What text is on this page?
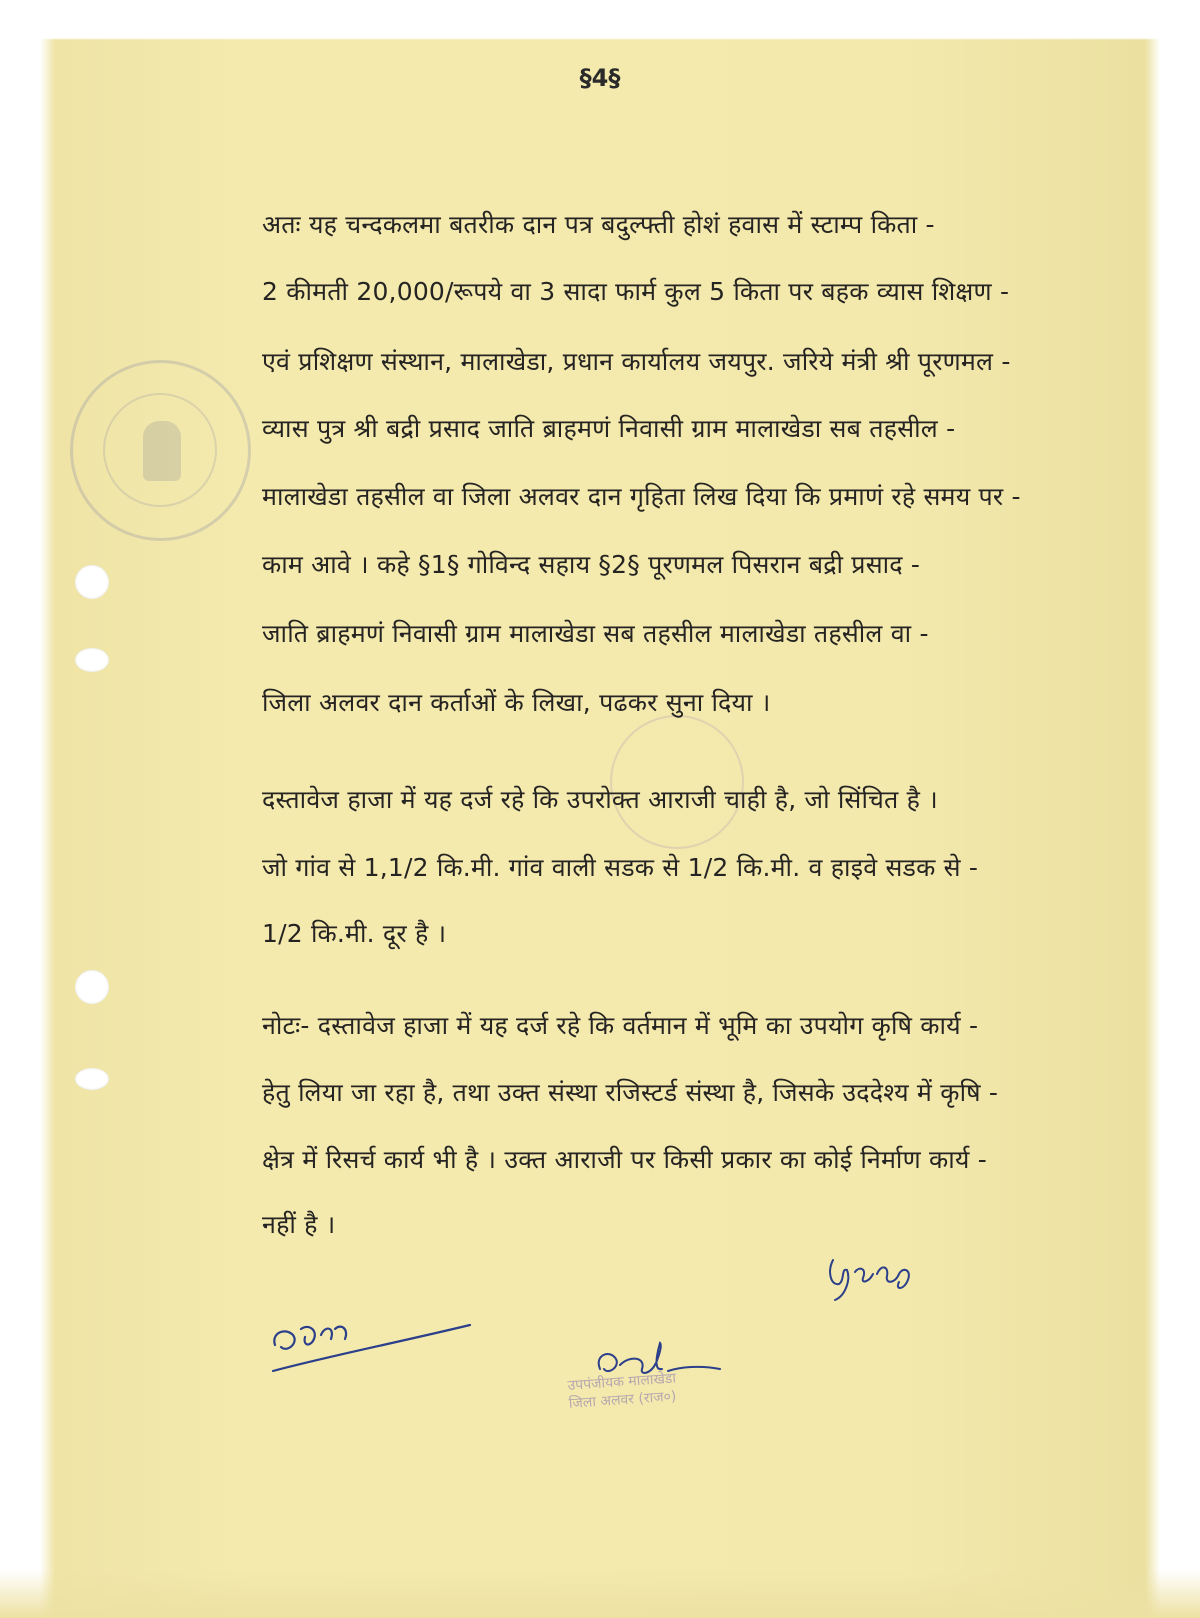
§4§
अतः यह चन्दकलमा बतरीक दान पत्र बदुल्फ्ती होशं हवास में स्टाम्प किता -
2 कीमती 20,000/रूपये वा 3 सादा फार्म कुल 5 किता पर बहक व्यास शिक्षण -
एवं प्रशिक्षण संस्थान, मालाखेडा, प्रधान कार्यालय जयपुर. जरिये मंत्री श्री पूरणमल -
व्यास पुत्र श्री बद्री प्रसाद जाति ब्राहमणं निवासी ग्राम मालाखेडा सब तहसील -
मालाखेडा तहसील वा जिला अलवर दान गृहिता लिख दिया कि प्रमाणं रहे समय पर -
काम आवे । कहे §1§ गोविन्द सहाय §2§ पूरणमल पिसरान बद्री प्रसाद -
जाति ब्राहमणं निवासी ग्राम मालाखेडा सब तहसील मालाखेडा तहसील वा -
जिला अलवर दान कर्ताओं के लिखा, पढकर सुना दिया ।
दस्तावेज हाजा में यह दर्ज रहे कि उपरोक्त आराजी चाही है, जो सिंचित है ।
जो गांव से 1,1/2 कि.मी. गांव वाली सडक से 1/2 कि.मी. व हाइवे सडक से -
1/2 कि.मी. दूर है ।
नोटः- दस्तावेज हाजा में यह दर्ज रहे कि वर्तमान में भूमि का उपयोग कृषि कार्य -
हेतु लिया जा रहा है, तथा उक्त संस्था रजिस्टर्ड संस्था है, जिसके उददेश्य में कृषि -
क्षेत्र में रिसर्च कार्य भी है । उक्त आराजी पर किसी प्रकार का कोई निर्माण कार्य -
नहीं है ।
उपपंजीयक मालाखेडा
जिला अलवर (राज०)
